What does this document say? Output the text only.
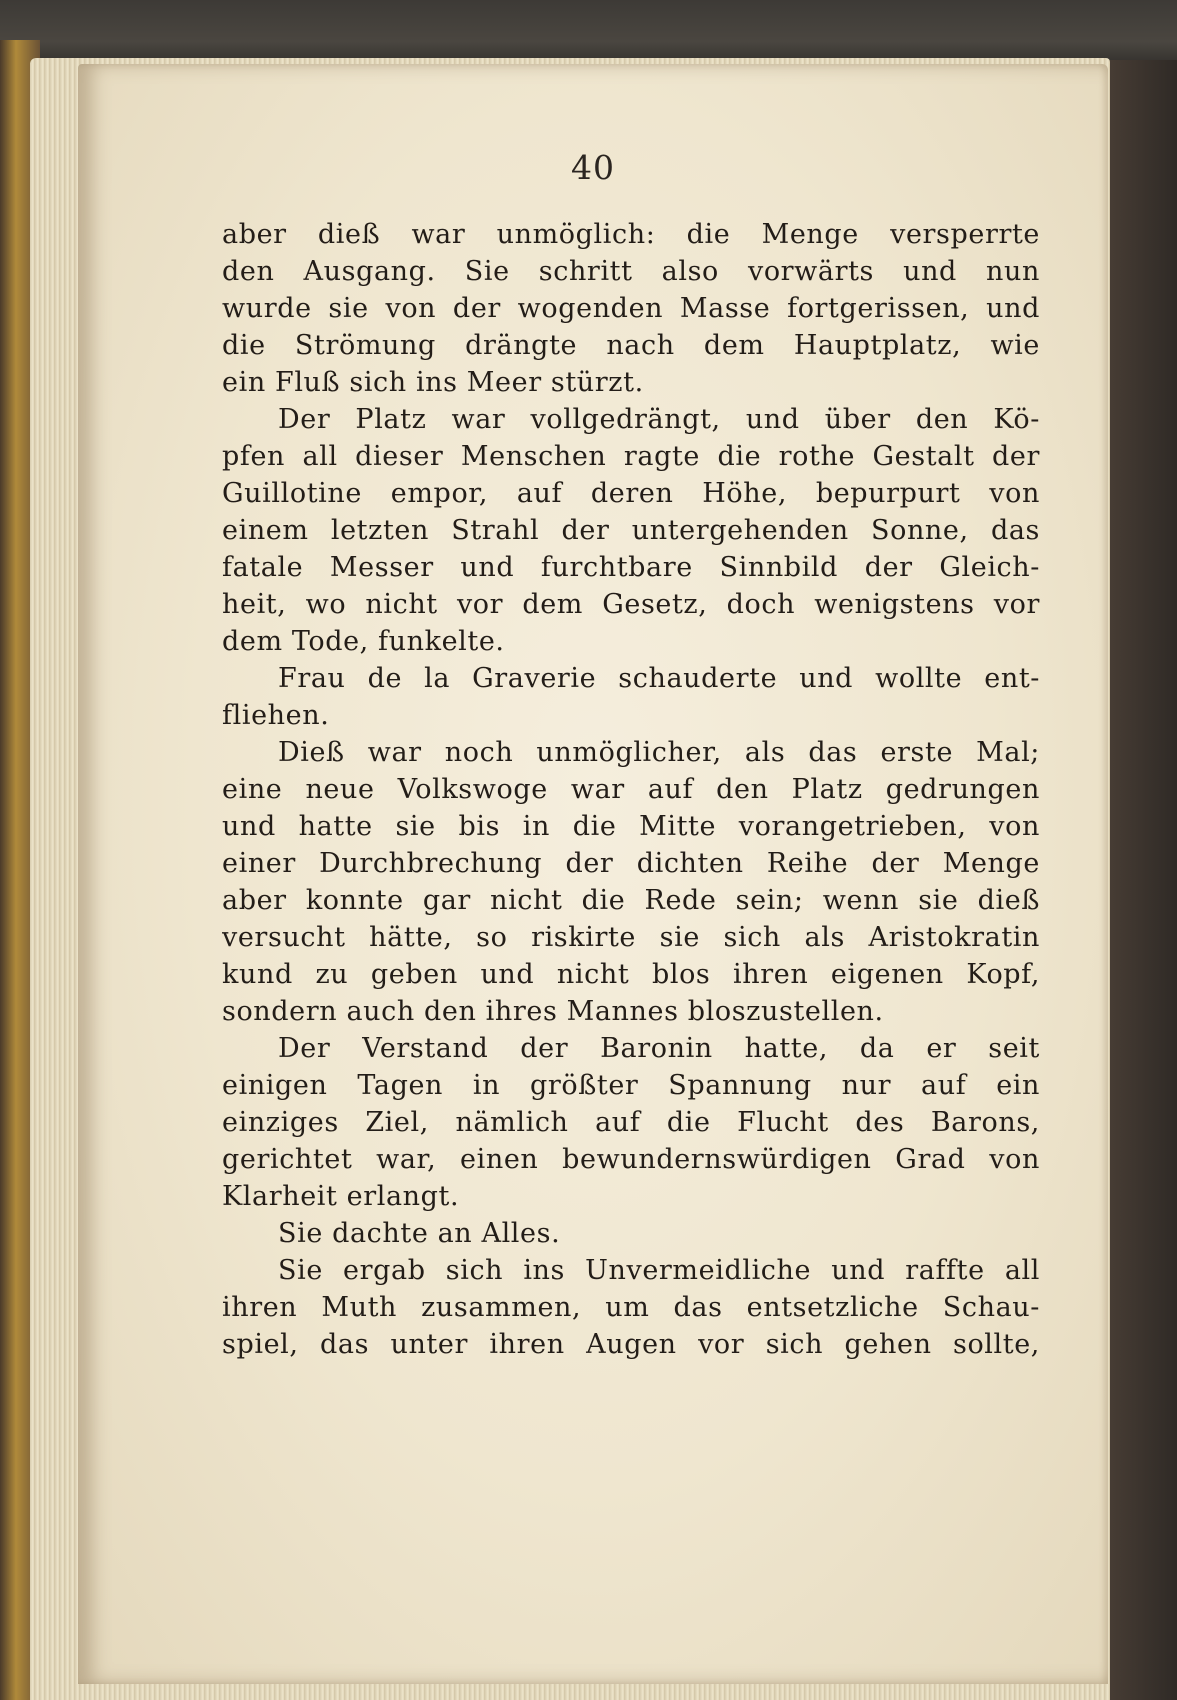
40
aber dieß war unmöglich: die Menge versperrte
den Ausgang. Sie schritt also vorwärts und nun
wurde sie von der wogenden Masse fortgerissen, und
die Strömung drängte nach dem Hauptplatz, wie
ein Fluß sich ins Meer stürzt.
Der Platz war vollgedrängt, und über den Kö-
pfen all dieser Menschen ragte die rothe Gestalt der
Guillotine empor, auf deren Höhe, bepurpurt von
einem letzten Strahl der untergehenden Sonne, das
fatale Messer und furchtbare Sinnbild der Gleich-
heit, wo nicht vor dem Gesetz, doch wenigstens vor
dem Tode, funkelte.
Frau de la Graverie schauderte und wollte ent-
fliehen.
Dieß war noch unmöglicher, als das erste Mal;
eine neue Volkswoge war auf den Platz gedrungen
und hatte sie bis in die Mitte vorangetrieben, von
einer Durchbrechung der dichten Reihe der Menge
aber konnte gar nicht die Rede sein; wenn sie dieß
versucht hätte, so riskirte sie sich als Aristokratin
kund zu geben und nicht blos ihren eigenen Kopf,
sondern auch den ihres Mannes bloszustellen.
Der Verstand der Baronin hatte, da er seit
einigen Tagen in größter Spannung nur auf ein
einziges Ziel, nämlich auf die Flucht des Barons,
gerichtet war, einen bewundernswürdigen Grad von
Klarheit erlangt.
Sie dachte an Alles.
Sie ergab sich ins Unvermeidliche und raffte all
ihren Muth zusammen, um das entsetzliche Schau-
spiel, das unter ihren Augen vor sich gehen sollte,
